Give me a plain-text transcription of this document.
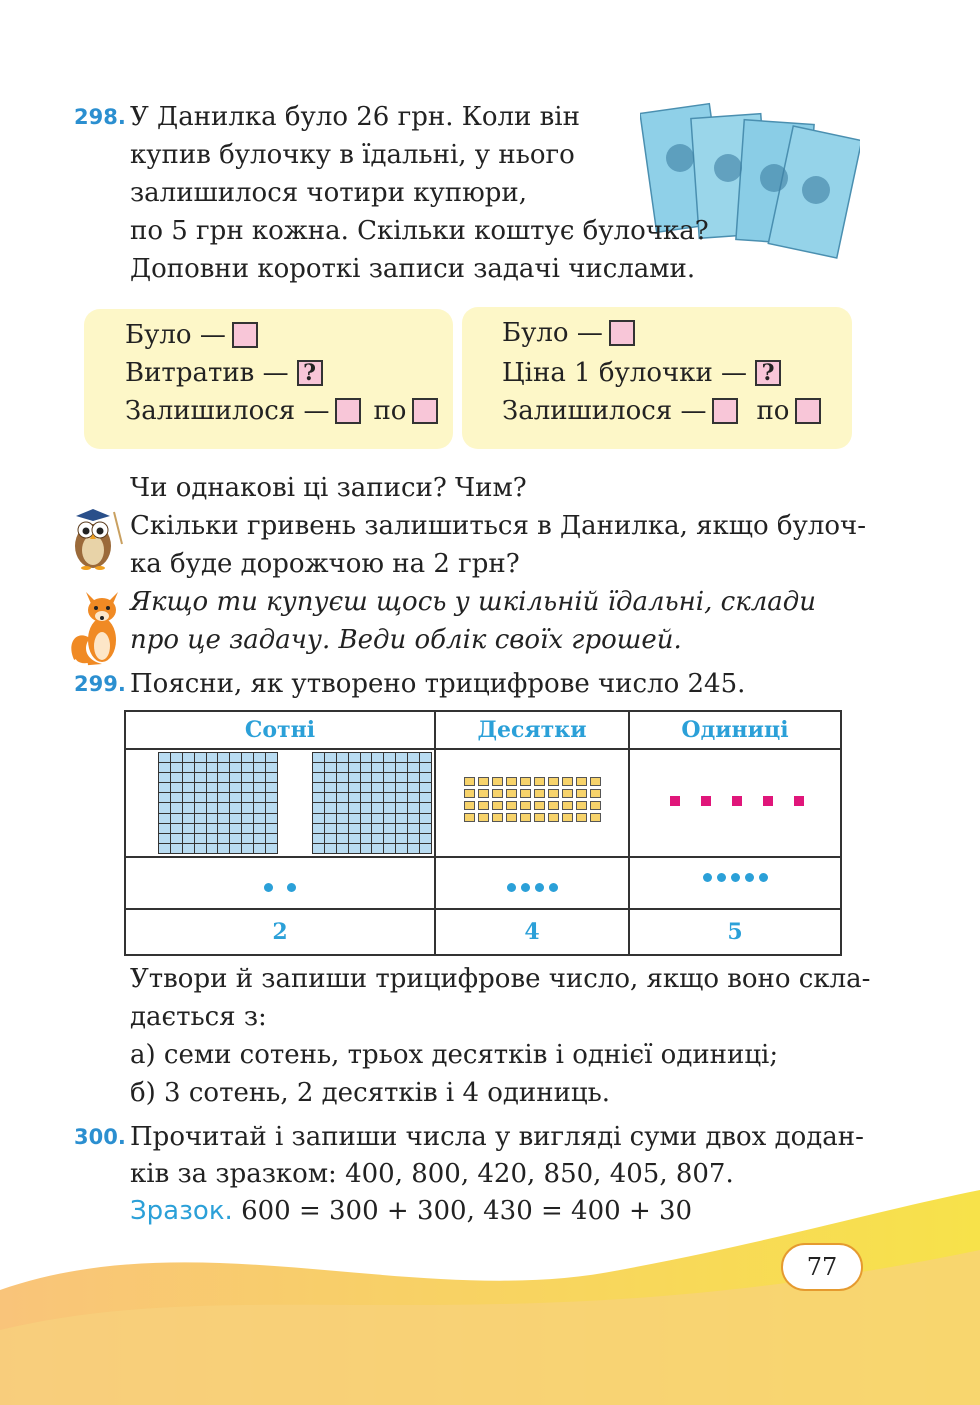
298. У Данилка було 26 грн. Коли він
купив булочку в їдальні, у нього
залишилося чотири купюри,
по 5 грн кожна. Скільки коштує булочка?
Доповни короткі записи задачі числами.
Було —
Витратив — ?
Залишилося — по
Було —
Ціна 1 булочки — ?
Залишилося — по
Чи однакові ці записи? Чим?
Скільки гривень залишиться в Данилка, якщо булоч-
ка буде дорожчою на 2 грн?
Якщо ти купуєш щось у шкільній їдальні, склади
про це задачу. Веди облік своїх грошей.
299. Поясни, як утворено трицифрове число 245.
Сотні	Десятки	Одиниці

2	4	5
Утвори й запиши трицифрове число, якщо воно скла-
дається з:
а) семи сотень, трьох десятків і однієї одиниці;
б) 3 сотень, 2 десятків і 4 одиниць.
300. Прочитай і запиши числа у вигляді суми двох додан-
ків за зразком: 400, 800, 420, 850, 405, 807.
Зразок. 600 = 300 + 300, 430 = 400 + 30
77
